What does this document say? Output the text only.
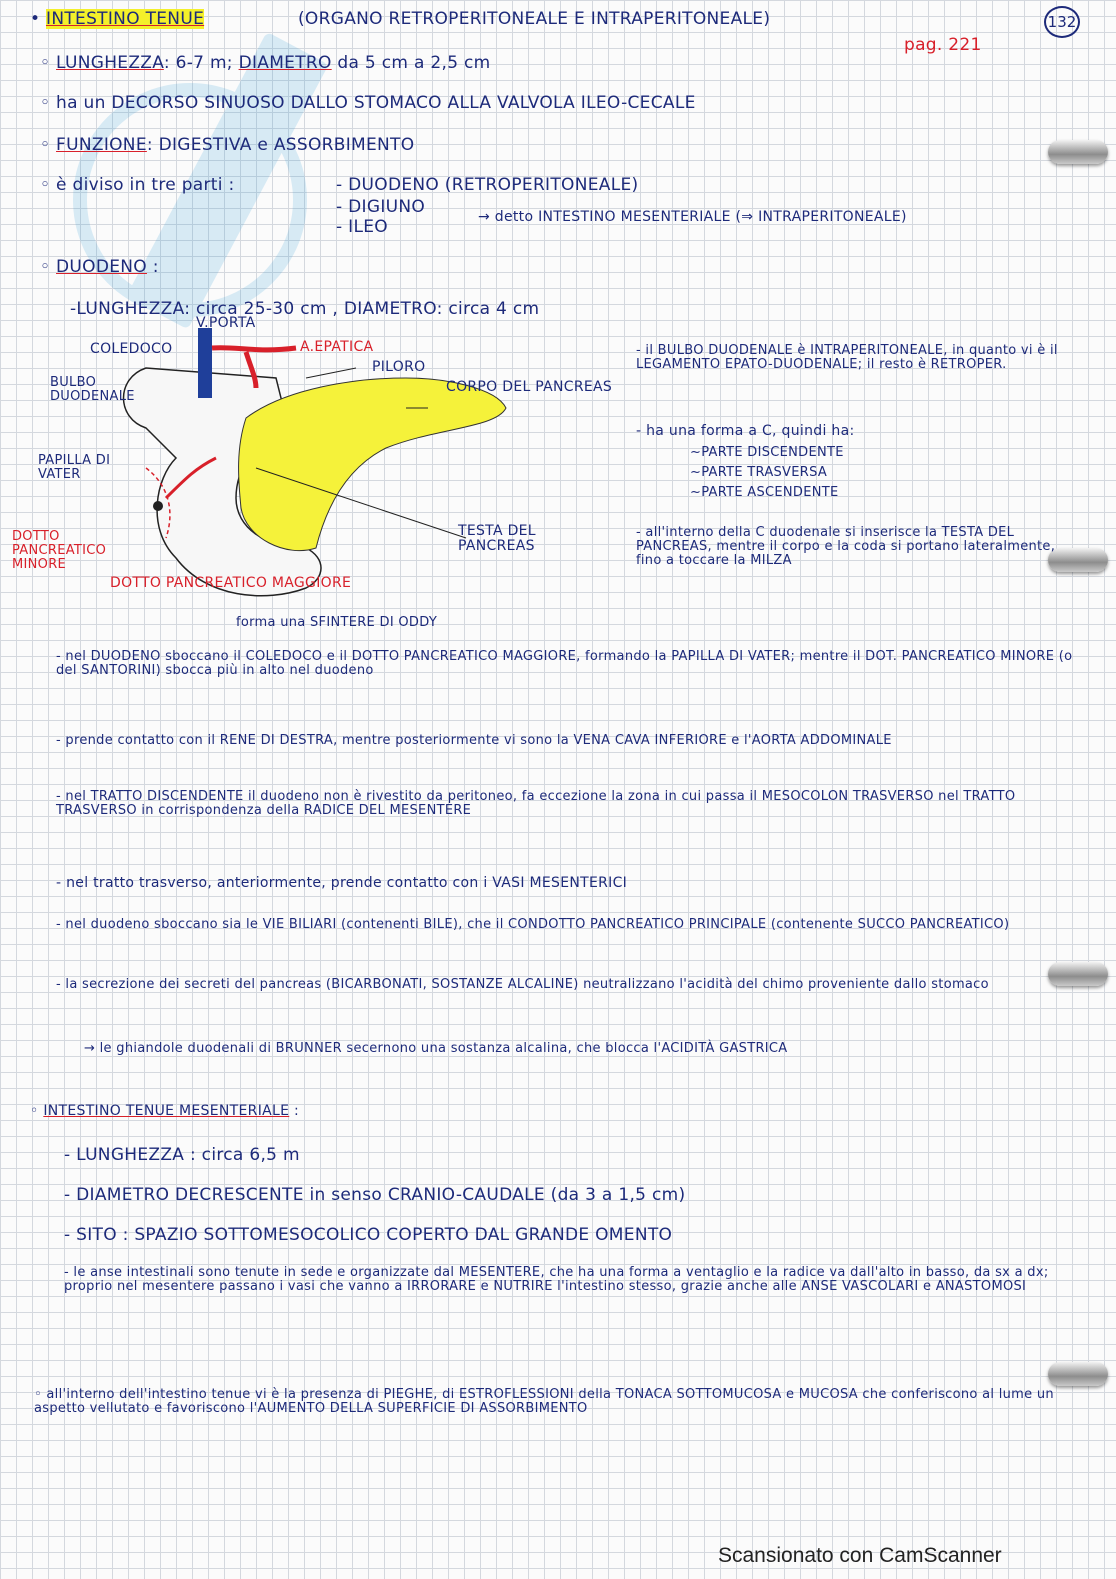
132
pag. 221
• INTESTINO TENUE	(ORGANO RETROPERITONEALE E INTRAPERITONEALE)
◦ LUNGHEZZA: 6-7 m; DIAMETRO da 5 cm a 2,5 cm
◦ ha un DECORSO SINUOSO DALLO STOMACO ALLA VALVOLA ILEO-CECALE
◦ FUNZIONE: DIGESTIVA e ASSORBIMENTO
◦ è diviso in tre parti :	- DUODENO (RETROPERITONEALE)
- DIGIUNO
- ILEO	→ detto INTESTINO MESENTERIALE (⇒ INTRAPERITONEALE)
◦ DUODENO :
-LUNGHEZZA: circa 25-30 cm , DIAMETRO: circa 4 cm
V.PORTA
COLEDOCO	A.EPATICA
PILORO
BULBO DUODENALE
CORPO DEL PANCREAS
PAPILLA DI VATER
TESTA DEL PANCREAS
DOTTO PANCREATICO MINORE
DOTTO PANCREATICO MAGGIORE
forma una SFINTERE DI ODDY
- il BULBO DUODENALE è INTRAPERITONEALE, in quanto vi è il LEGAMENTO EPATO-DUODENALE; il resto è RETROPER.
- ha una forma a C, quindi ha:
~PARTE DISCENDENTE
~PARTE TRASVERSA
~PARTE ASCENDENTE
- all'interno della C duodenale si inserisce la TESTA DEL PANCREAS, mentre il corpo e la coda si portano lateralmente, fino a toccare la MILZA
- nel DUODENO sboccano il COLEDOCO e il DOTTO PANCREATICO MAGGIORE, formando la PAPILLA DI VATER; mentre il DOT. PANCREATICO MINORE (o del SANTORINI) sbocca più in alto nel duodeno
- prende contatto con il RENE DI DESTRA, mentre posteriormente vi sono la VENA CAVA INFERIORE e l'AORTA ADDOMINALE
- nel TRATTO DISCENDENTE il duodeno non è rivestito da peritoneo, fa eccezione la zona in cui passa il MESOCOLON TRASVERSO nel TRATTO TRASVERSO in corrispondenza della RADICE DEL MESENTERE
- nel tratto trasverso, anteriormente, prende contatto con i VASI MESENTERICI
- nel duodeno sboccano sia le VIE BILIARI (contenenti BILE), che il CONDOTTO PANCREATICO PRINCIPALE (contenente SUCCO PANCREATICO)
- la secrezione dei secreti del pancreas (BICARBONATI, SOSTANZE ALCALINE) neutralizzano l'acidità del chimo proveniente dallo stomaco
→ le ghiandole duodenali di BRUNNER secernono una sostanza alcalina, che blocca l'ACIDITÀ GASTRICA
◦ INTESTINO TENUE MESENTERIALE :
- LUNGHEZZA : circa 6,5 m
- DIAMETRO DECRESCENTE in senso CRANIO-CAUDALE (da 3 a 1,5 cm)
- SITO : SPAZIO SOTTOMESOCOLICO COPERTO DAL GRANDE OMENTO
- le anse intestinali sono tenute in sede e organizzate dal MESENTERE, che ha una forma a ventaglio e la radice va dall'alto in basso, da sx a dx; proprio nel mesentere passano i vasi che vanno a IRRORARE e NUTRIRE l'intestino stesso, grazie anche alle ANSE VASCOLARI e ANASTOMOSI
◦ all'interno dell'intestino tenue vi è la presenza di PIEGHE, di ESTROFLESSIONI della TONACA SOTTOMUCOSA e MUCOSA che conferiscono al lume un aspetto vellutato e favoriscono l'AUMENTO DELLA SUPERFICIE DI ASSORBIMENTO
Scansionato con CamScanner
